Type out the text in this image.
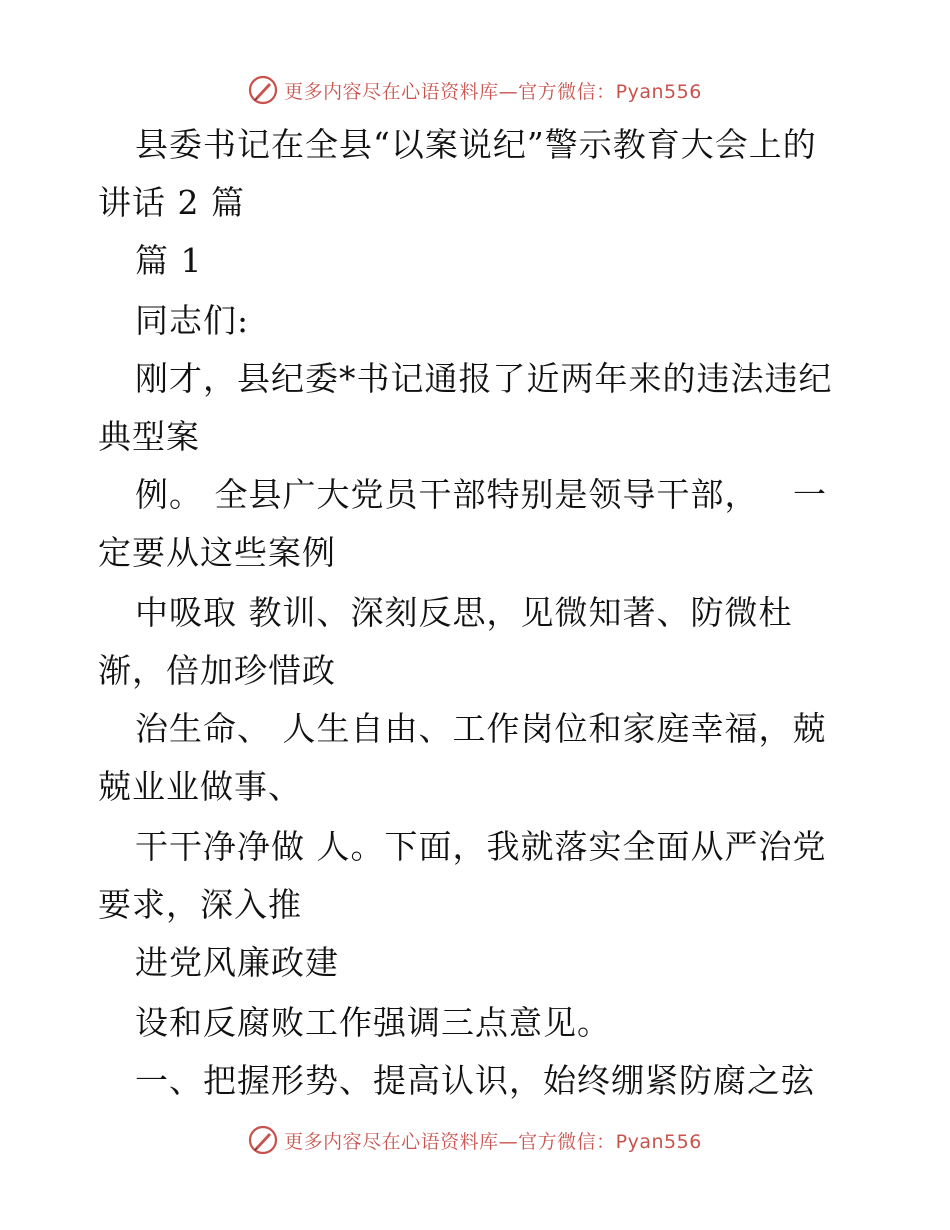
更多内容尽在心语资料库—官方微信：Pyan556
县委书记在全县“以案说纪”警示教育大会上的
讲话 2 篇
篇 1
同志们:
刚才，县纪委*书记通报了近两年来的违法违纪
典型案
例。 全县广大党员干部特别是领导干部，   一
定要从这些案例
中吸取 教训、深刻反思，见微知著、防微杜
渐，倍加珍惜政
治生命、 人生自由、工作岗位和家庭幸福，兢
兢业业做事、
干干净净做 人。下面，我就落实全面从严治党
要求，深入推
进党风廉政建
设和反腐败工作强调三点意见。
一、把握形势、提高认识，始终绷紧防腐之弦
更多内容尽在心语资料库—官方微信：Pyan556
